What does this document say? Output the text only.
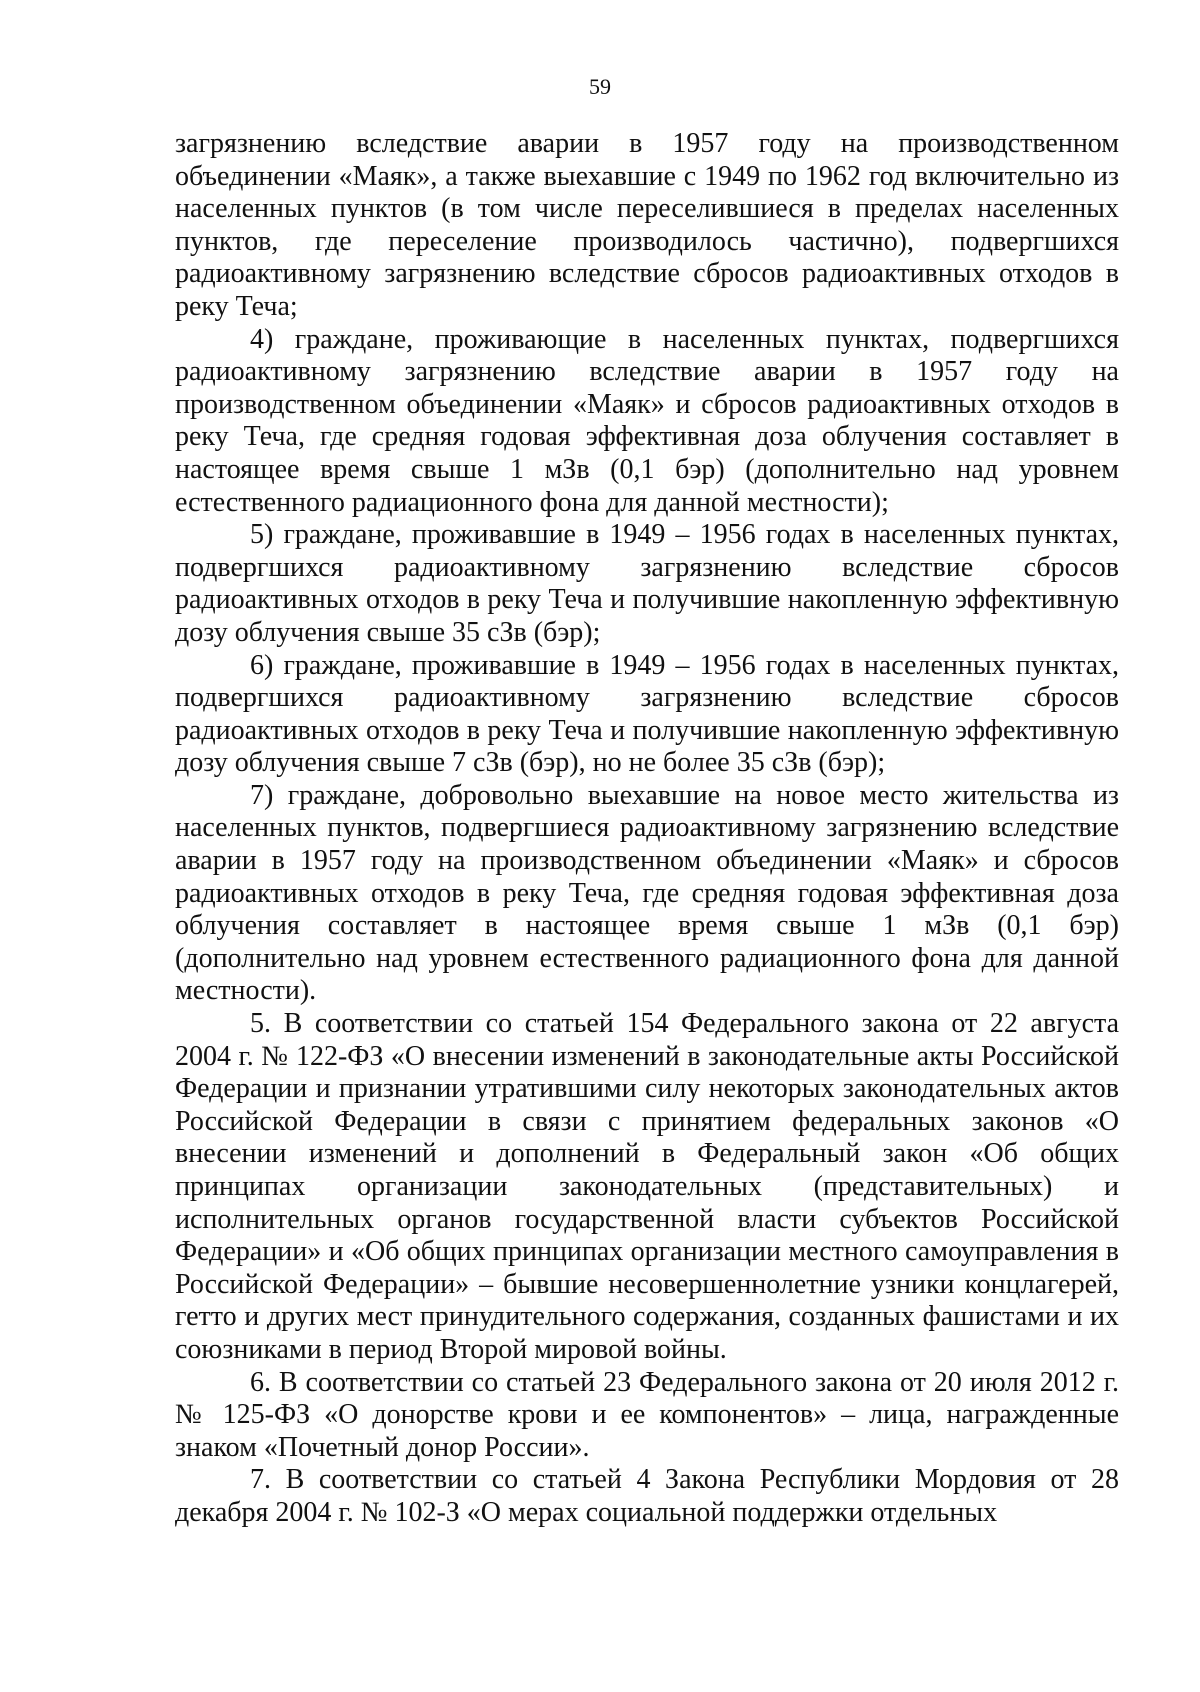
59

загрязнению вследствие аварии в 1957 году на производственном объединении «Маяк», а также выехавшие с 1949 по 1962 год включительно из населенных пунктов (в том числе переселившиеся в пределах населенных пунктов, где переселение производилось частично), подвергшихся радиоактивному загрязнению вследствие сбросов радиоактивных отходов в реку Теча;

4) граждане, проживающие в населенных пунктах, подвергшихся радиоактивному загрязнению вследствие аварии в 1957 году на производственном объединении «Маяк» и сбросов радиоактивных отходов в реку Теча, где средняя годовая эффективная доза облучения составляет в настоящее время свыше 1 мЗв (0,1 бэр) (дополнительно над уровнем естественного радиационного фона для данной местности);

5) граждане, проживавшие в 1949 – 1956 годах в населенных пунктах, подвергшихся радиоактивному загрязнению вследствие сбросов радиоактивных отходов в реку Теча и получившие накопленную эффективную дозу облучения свыше 35 сЗв (бэр);

6) граждане, проживавшие в 1949 – 1956 годах в населенных пунктах, подвергшихся радиоактивному загрязнению вследствие сбросов радиоактивных отходов в реку Теча и получившие накопленную эффективную дозу облучения свыше 7 сЗв (бэр), но не более 35 сЗв (бэр);

7) граждане, добровольно выехавшие на новое место жительства из населенных пунктов, подвергшиеся радиоактивному загрязнению вследствие аварии в 1957 году на производственном объединении «Маяк» и сбросов радиоактивных отходов в реку Теча, где средняя годовая эффективная доза облучения составляет в настоящее время свыше 1 мЗв (0,1 бэр) (дополнительно над уровнем естественного радиационного фона для данной местности).

5. В соответствии со статьей 154 Федерального закона от 22 августа 2004 г. № 122-ФЗ «О внесении изменений в законодательные акты Российской Федерации и признании утратившими силу некоторых законодательных актов Российской Федерации в связи с принятием федеральных законов «О внесении изменений и дополнений в Федеральный закон «Об общих принципах организации законодательных (представительных) и исполнительных органов государственной власти субъектов Российской Федерации» и «Об общих принципах организации местного самоуправления в Российской Федерации» – бывшие несовершеннолетние узники концлагерей, гетто и других мест принудительного содержания, созданных фашистами и их союзниками в период Второй мировой войны.

6. В соответствии со статьей 23 Федерального закона от 20 июля 2012 г. № 125-ФЗ «О донорстве крови и ее компонентов» – лица, награжденные знаком «Почетный донор России».

7. В соответствии со статьей 4 Закона Республики Мордовия от 28 декабря 2004 г. № 102-З «О мерах социальной поддержки отдельных
